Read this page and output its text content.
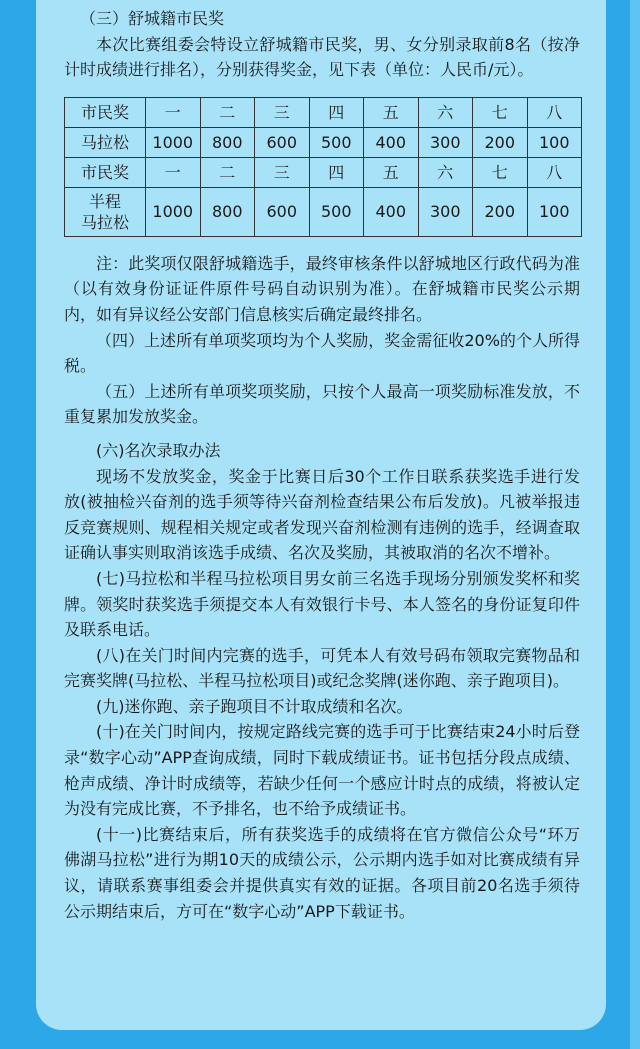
（三）舒城籍市民奖

本次比赛组委会特设立舒城籍市民奖，男、女分别录取前8名（按净计时成绩进行排名），分别获得奖金，见下表（单位：人民币/元）。

市民奖	一	二	三	四	五	六	七	八
马拉松	1000	800	600	500	400	300	200	100
市民奖	一	二	三	四	五	六	七	八
半程
马拉松	1000	800	600	500	400	300	200	100

注：此奖项仅限舒城籍选手，最终审核条件以舒城地区行政代码为准（以有效身份证证件原件号码自动识别为准）。在舒城籍市民奖公示期内，如有异议经公安部门信息核实后确定最终排名。

（四）上述所有单项奖项均为个人奖励，奖金需征收20%的个人所得税。

（五）上述所有单项奖项奖励，只按个人最高一项奖励标准发放，不重复累加发放奖金。

(六)名次录取办法

现场不发放奖金，奖金于比赛日后30个工作日联系获奖选手进行发放(被抽检兴奋剂的选手须等待兴奋剂检查结果公布后发放)。凡被举报违反竞赛规则、规程相关规定或者发现兴奋剂检测有违例的选手，经调查取证确认事实则取消该选手成绩、名次及奖励，其被取消的名次不增补。

(七)马拉松和半程马拉松项目男女前三名选手现场分别颁发奖杯和奖牌。领奖时获奖选手须提交本人有效银行卡号、本人签名的身份证复印件及联系电话。

(八)在关门时间内完赛的选手，可凭本人有效号码布领取完赛物品和完赛奖牌(马拉松、半程马拉松项目)或纪念奖牌(迷你跑、亲子跑项目)。

(九)迷你跑、亲子跑项目不计取成绩和名次。

(十)在关门时间内，按规定路线完赛的选手可于比赛结束24小时后登录“数字心动”APP查询成绩，同时下载成绩证书。证书包括分段点成绩、枪声成绩、净计时成绩等，若缺少任何一个感应计时点的成绩，将被认定为没有完成比赛，不予排名，也不给予成绩证书。

(十一)比赛结束后，所有获奖选手的成绩将在官方微信公众号“环万佛湖马拉松”进行为期10天的成绩公示，公示期内选手如对比赛成绩有异议，请联系赛事组委会并提供真实有效的证据。各项目前20名选手须待公示期结束后，方可在“数字心动”APP下载证书。
